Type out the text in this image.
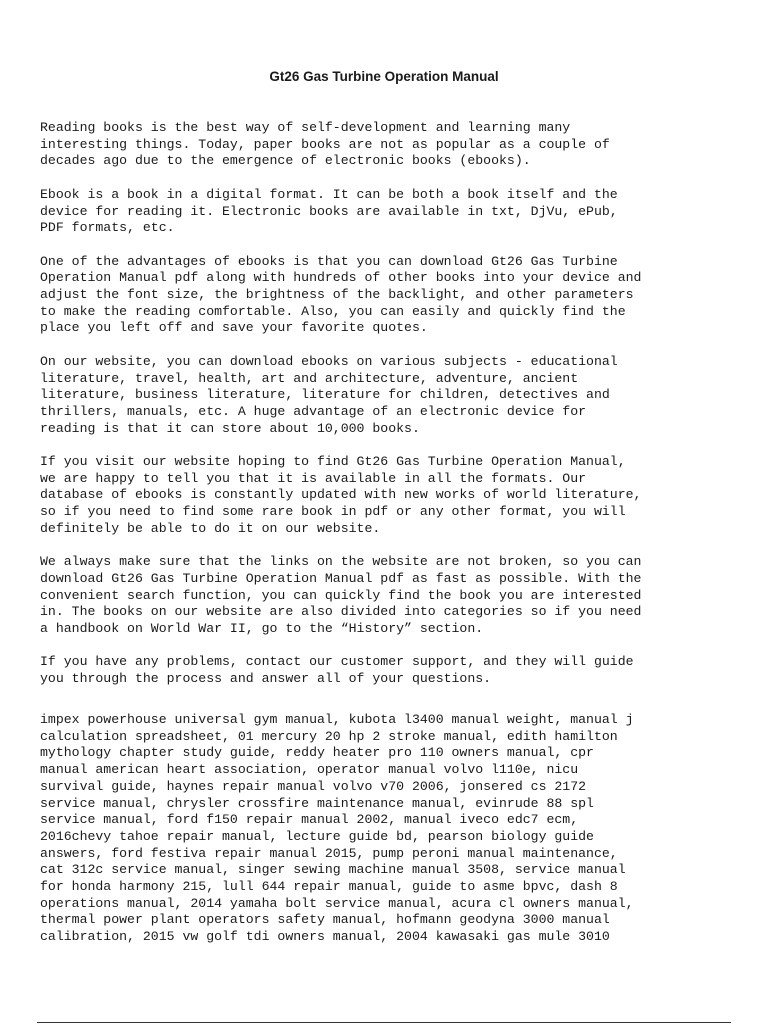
Gt26 Gas Turbine Operation Manual

Reading books is the best way of self-development and learning many
interesting things. Today, paper books are not as popular as a couple of
decades ago due to the emergence of electronic books (ebooks).

Ebook is a book in a digital format. It can be both a book itself and the
device for reading it. Electronic books are available in txt, DjVu, ePub,
PDF formats, etc.

One of the advantages of ebooks is that you can download Gt26 Gas Turbine
Operation Manual pdf along with hundreds of other books into your device and
adjust the font size, the brightness of the backlight, and other parameters
to make the reading comfortable. Also, you can easily and quickly find the
place you left off and save your favorite quotes.

On our website, you can download ebooks on various subjects - educational
literature, travel, health, art and architecture, adventure, ancient
literature, business literature, literature for children, detectives and
thrillers, manuals, etc. A huge advantage of an electronic device for
reading is that it can store about 10,000 books.

If you visit our website hoping to find Gt26 Gas Turbine Operation Manual,
we are happy to tell you that it is available in all the formats. Our
database of ebooks is constantly updated with new works of world literature,
so if you need to find some rare book in pdf or any other format, you will
definitely be able to do it on our website.

We always make sure that the links on the website are not broken, so you can
download Gt26 Gas Turbine Operation Manual pdf as fast as possible. With the
convenient search function, you can quickly find the book you are interested
in. The books on our website are also divided into categories so if you need
a handbook on World War II, go to the “History” section.

If you have any problems, contact our customer support, and they will guide
you through the process and answer all of your questions.

impex powerhouse universal gym manual, kubota l3400 manual weight, manual j
calculation spreadsheet, 01 mercury 20 hp 2 stroke manual, edith hamilton
mythology chapter study guide, reddy heater pro 110 owners manual, cpr
manual american heart association, operator manual volvo l110e, nicu
survival guide, haynes repair manual volvo v70 2006, jonsered cs 2172
service manual, chrysler crossfire maintenance manual, evinrude 88 spl
service manual, ford f150 repair manual 2002, manual iveco edc7 ecm,
2016chevy tahoe repair manual, lecture guide bd, pearson biology guide
answers, ford festiva repair manual 2015, pump peroni manual maintenance,
cat 312c service manual, singer sewing machine manual 3508, service manual
for honda harmony 215, lull 644 repair manual, guide to asme bpvc, dash 8
operations manual, 2014 yamaha bolt service manual, acura cl owners manual,
thermal power plant operators safety manual, hofmann geodyna 3000 manual
calibration, 2015 vw golf tdi owners manual, 2004 kawasaki gas mule 3010
